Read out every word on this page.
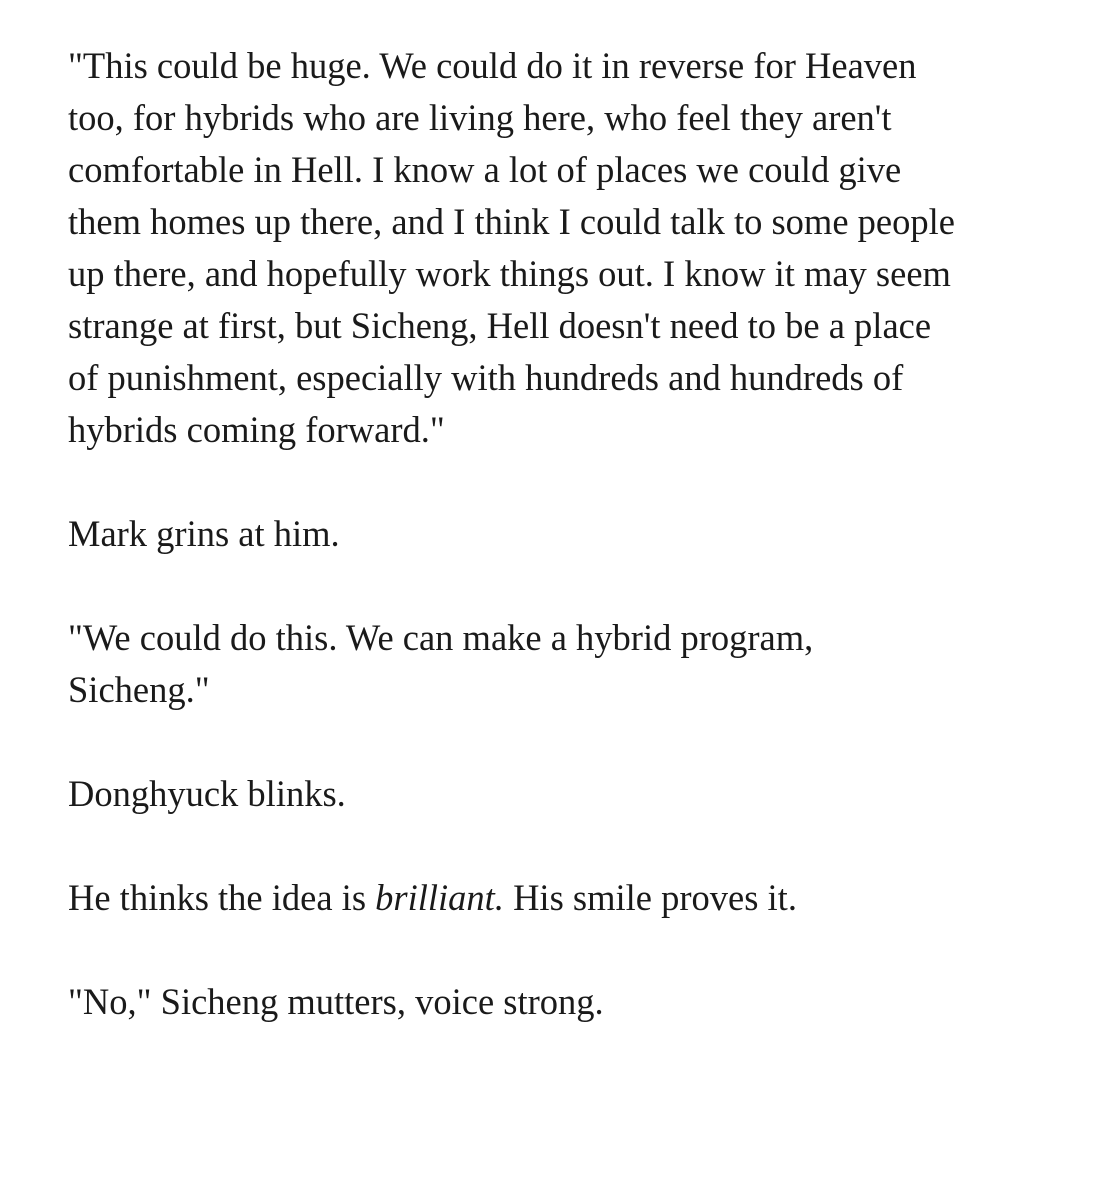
"This could be huge. We could do it in reverse for Heaven
too, for hybrids who are living here, who feel they aren't
comfortable in Hell. I know a lot of places we could give
them homes up there, and I think I could talk to some people
up there, and hopefully work things out. I know it may seem
strange at first, but Sicheng, Hell doesn't need to be a place
of punishment, especially with hundreds and hundreds of
hybrids coming forward."

Mark grins at him.

"We could do this. We can make a hybrid program,
Sicheng."

Donghyuck blinks.

He thinks the idea is brilliant. His smile proves it.

"No," Sicheng mutters, voice strong.
